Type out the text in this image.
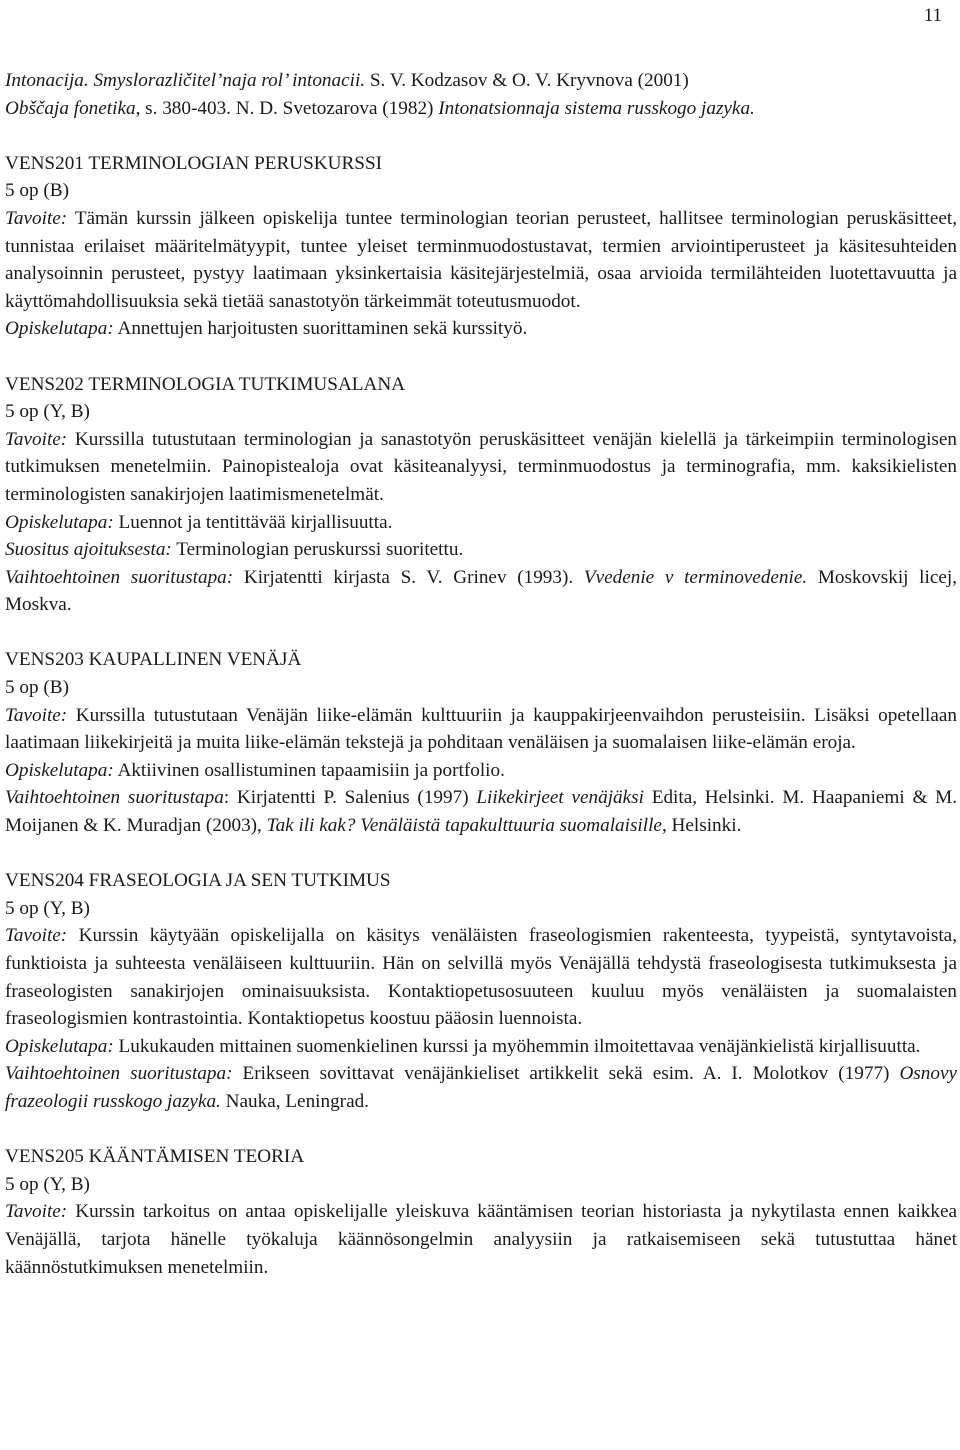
11

Intonacija. Smyslorazličitel’naja rol’ intonacii. S. V. Kodzasov & O. V. Kryvnova (2001)
Obščaja fonetika, s. 380-403. N. D. Svetozarova (1982) Intonatsionnaja sistema russkogo jazyka.

VENS201 TERMINOLOGIAN PERUSKURSSI
5 op (B)

Tavoite: Tämän kurssin jälkeen opiskelija tuntee terminologian teorian perusteet, hallitsee terminologian peruskäsitteet, tunnistaa erilaiset määritelmätyypit, tuntee yleiset terminmuodostustavat, termien arviointiperusteet ja käsitesuhteiden analysoinnin perusteet, pystyy laatimaan yksinkertaisia käsitejärjestelmiä, osaa arvioida termilähteiden luotettavuutta ja käyttömahdollisuuksia sekä tietää sanastotyön tärkeimmät toteutusmuodot.

Opiskelutapa: Annettujen harjoitusten suorittaminen sekä kurssityö.

VENS202 TERMINOLOGIA TUTKIMUSALANA
5 op (Y, B)

Tavoite: Kurssilla tutustutaan terminologian ja sanastotyön peruskäsitteet venäjän kielellä ja tärkeimpiin terminologisen tutkimuksen menetelmiin. Painopistealoja ovat käsiteanalyysi, terminmuodostus ja terminografia, mm. kaksikielisten terminologisten sanakirjojen laatimismenetelmät.

Opiskelutapa: Luennot ja tentittävää kirjallisuutta.

Suositus ajoituksesta: Terminologian peruskurssi suoritettu.

Vaihtoehtoinen suoritustapa: Kirjatentti kirjasta S. V. Grinev (1993). Vvedenie v terminovedenie. Moskovskij licej, Moskva.

VENS203 KAUPALLINEN VENÄJÄ
5 op (B)

Tavoite: Kurssilla tutustutaan Venäjän liike-elämän kulttuuriin ja kauppakirjeenvaihdon perusteisiin. Lisäksi opetellaan laatimaan liikekirjeitä ja muita liike-elämän tekstejä ja pohditaan venäläisen ja suomalaisen liike-elämän eroja.

Opiskelutapa: Aktiivinen osallistuminen tapaamisiin ja portfolio.

Vaihtoehtoinen suoritustapa: Kirjatentti P. Salenius (1997) Liikekirjeet venäjäksi Edita, Helsinki. M. Haapaniemi & M. Moijanen & K. Muradjan (2003), Tak ili kak? Venäläistä tapakulttuuria suomalaisille, Helsinki.

VENS204 FRASEOLOGIA JA SEN TUTKIMUS
5 op (Y, B)

Tavoite: Kurssin käytyään opiskelijalla on käsitys venäläisten fraseologismien rakenteesta, tyypeistä, syntytavoista, funktioista ja suhteesta venäläiseen kulttuuriin. Hän on selvillä myös Venäjällä tehdystä fraseologisesta tutkimuksesta ja fraseologisten sanakirjojen ominaisuuksista. Kontaktiopetusosuuteen kuuluu myös venäläisten ja suomalaisten fraseologismien kontrastointia. Kontaktiopetus koostuu pääosin luennoista.

Opiskelutapa: Lukukauden mittainen suomenkielinen kurssi ja myöhemmin ilmoitettavaa venäjänkielistä kirjallisuutta.

Vaihtoehtoinen suoritustapa: Erikseen sovittavat venäjänkieliset artikkelit sekä esim. A. I. Molotkov (1977) Osnovy frazeologii russkogo jazyka. Nauka, Leningrad.

VENS205 KÄÄNTÄMISEN TEORIA
5 op (Y, B)

Tavoite: Kurssin tarkoitus on antaa opiskelijalle yleiskuva kääntämisen teorian historiasta ja nykytilasta ennen kaikkea Venäjällä, tarjota hänelle työkaluja käännösongelmin analyysiin ja ratkaisemiseen sekä tutustuttaa hänet käännöstutkimuksen menetelmiin.
